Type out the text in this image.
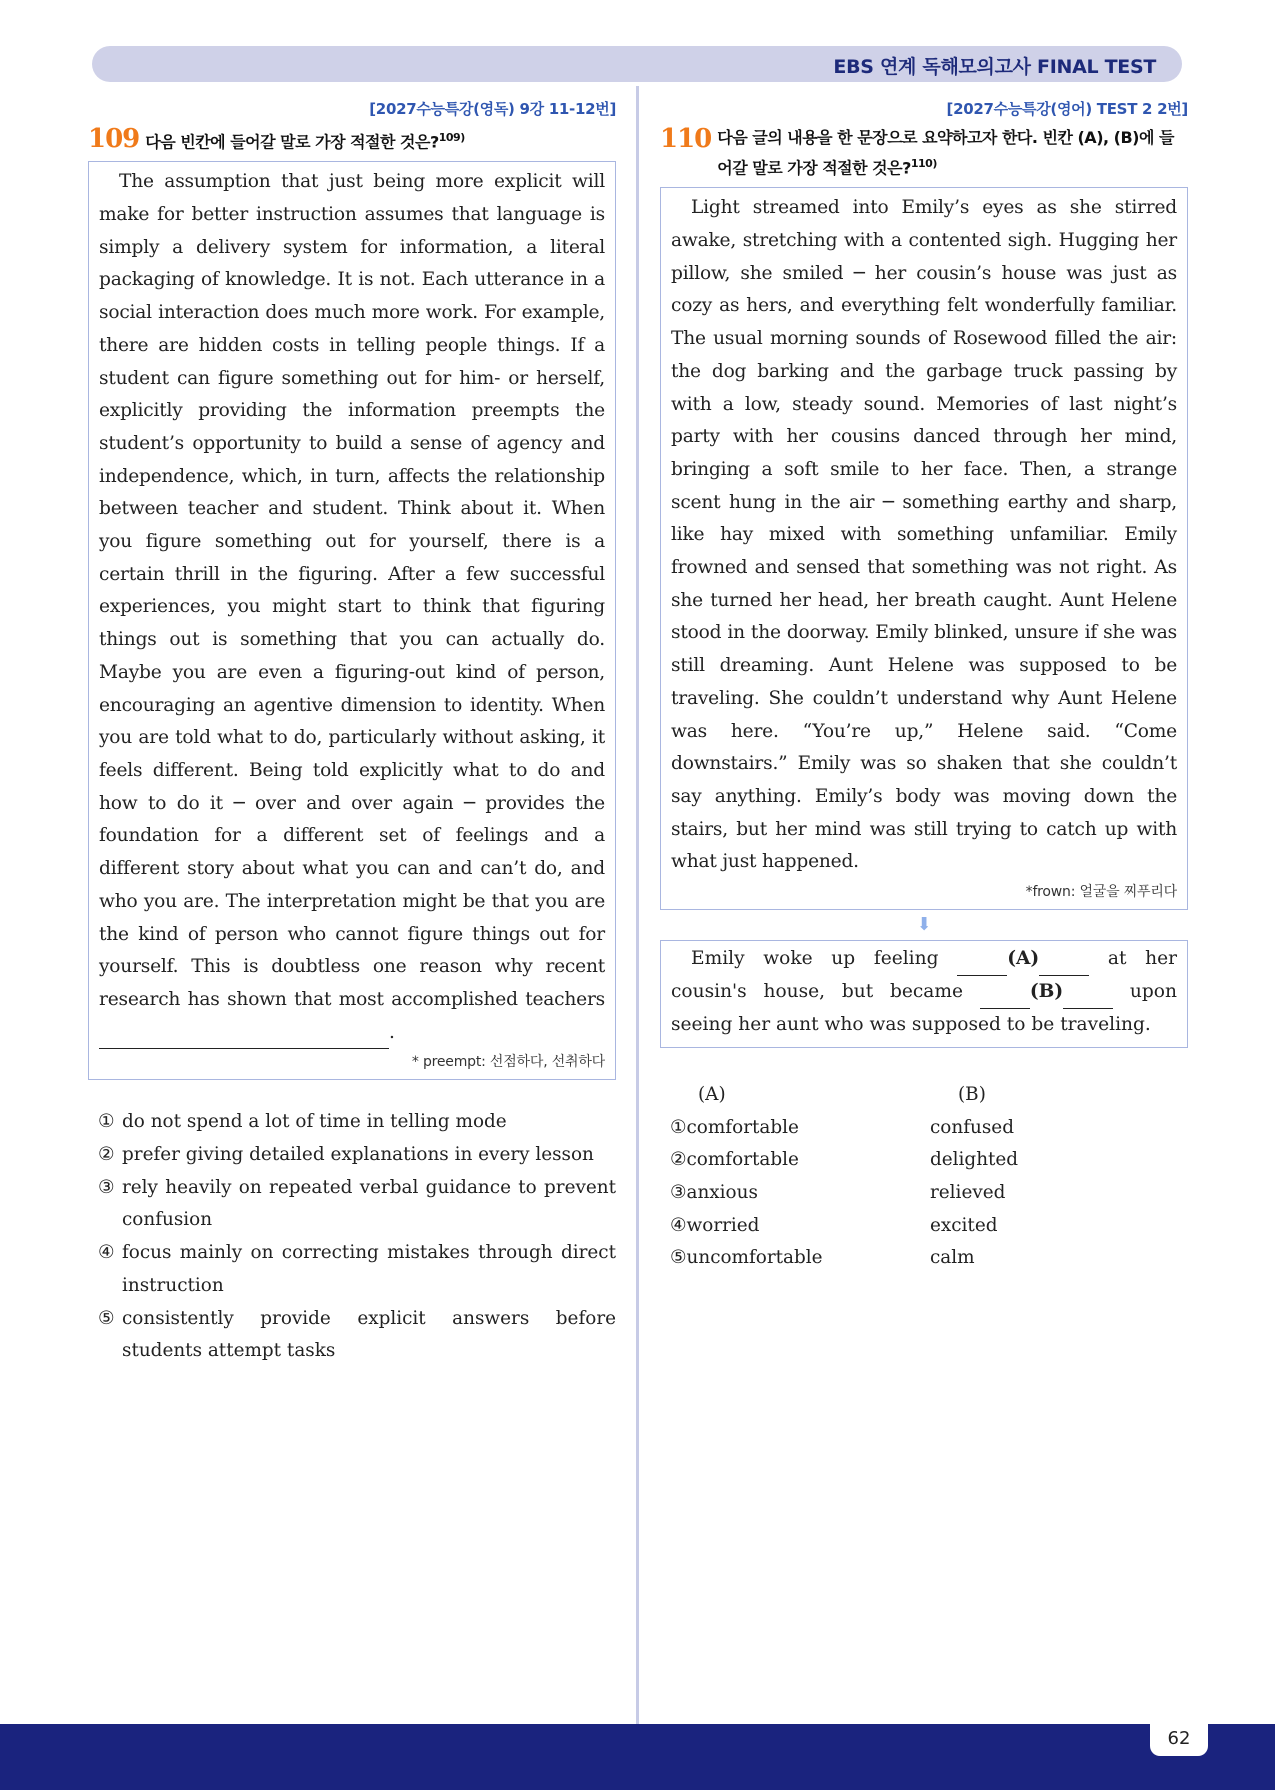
EBS 연계 독해모의고사 FINAL TEST
[2027수능특강(영독) 9강 11-12번]
109 다음 빈칸에 들어갈 말로 가장 적절한 것은?$^{109)}$

The assumption that just being more explicit will make for better instruction assumes that language is simply a delivery system for information, a literal packaging of knowledge. It is not. Each utterance in a social interaction does much more work. For example, there are hidden costs in telling people things. If a student can figure something out for him- or herself, explicitly providing the information preempts the student’s opportunity to build a sense of agency and independence, which, in turn, affects the relationship between teacher and student. Think about it. When you figure something out for yourself, there is a certain thrill in the figuring. After a few successful experiences, you might start to think that figuring things out is something that you can actually do. Maybe you are even a figuring-out kind of person, encouraging an agentive dimension to identity. When you are told what to do, particularly without asking, it feels different. Being told explicitly what to do and how to do it ─ over and over again ─ provides the foundation for a different set of feelings and a different story about what you can and can’t do, and who you are. The interpretation might be that you are the kind of person who cannot figure things out for yourself. This is doubtless one reason why recent research has shown that most accomplished teachers .

* preempt: 선점하다, 선취하다
① do not spend a lot of time in telling mode
② prefer giving detailed explanations in every lesson
③ rely heavily on repeated verbal guidance to prevent confusion
④ focus mainly on correcting mistakes through direct instruction
⑤ consistently provide explicit answers before students attempt tasks
[2027수능특강(영어) TEST 2 2번]
110 다음 글의 내용을 한 문장으로 요약하고자 한다. 빈칸 (A), (B)에 들어갈 말로 가장 적절한 것은?$^{110)}$

Light streamed into Emily’s eyes as she stirred awake, stretching with a contented sigh. Hugging her pillow, she smiled ─ her cousin’s house was just as cozy as hers, and everything felt wonderfully familiar. The usual morning sounds of Rosewood filled the air: the dog barking and the garbage truck passing by with a low, steady sound. Memories of last night’s party with her cousins danced through her mind, bringing a soft smile to her face. Then, a strange scent hung in the air ─ something earthy and sharp, like hay mixed with something unfamiliar. Emily frowned and sensed that something was not right. As she turned her head, her breath caught. Aunt Helene stood in the doorway. Emily blinked, unsure if she was still dreaming. Aunt Helene was supposed to be traveling. She couldn’t understand why Aunt Helene was here. “You’re up,” Helene said. “Come downstairs.” Emily was so shaken that she couldn’t say anything. Emily’s body was moving down the stairs, but her mind was still trying to catch up with what just happened.

*frown: 얼굴을 찌푸리다
⬇

Emily woke up feeling	(A)	at her cousin's house, but became	(B)	upon seeing her aunt who was supposed to be traveling.

(A)	(B)
①comfortable	confused
②comfortable	delighted
③anxious	relieved
④worried	excited
⑤uncomfortable	calm
62
